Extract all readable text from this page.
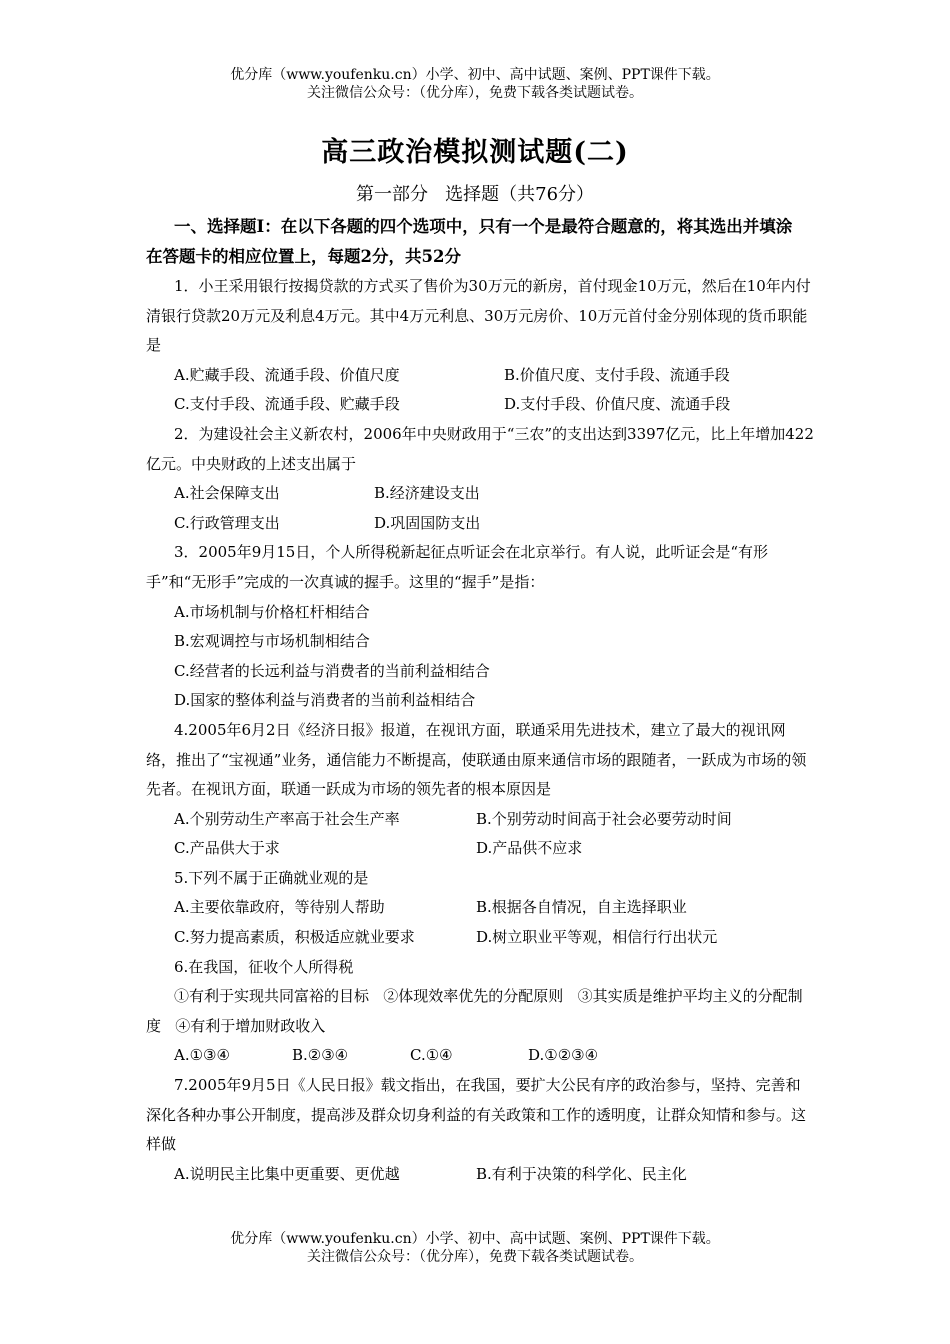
优分库（www.youfenku.cn）小学、初中、高中试题、案例、PPT课件下载。
关注微信公众号：（优分库），免费下载各类试题试卷。
高三政治模拟测试题(二)
第一部分   选择题（共76分）
一、选择题I：在以下各题的四个选项中，只有一个是最符合题意的，将其选出并填涂在答题卡的相应位置上，每题2分，共52分

1．小王采用银行按揭贷款的方式买了售价为30万元的新房，首付现金10万元，然后在10年内付清银行贷款20万元及利息4万元。其中4万元利息、30万元房价、10万元首付金分别体现的货币职能是

A.贮藏手段、流通手段、价值尺度	B.价值尺度、支付手段、流通手段
C.支付手段、流通手段、贮藏手段	D.支付手段、价值尺度、流通手段

2．为建设社会主义新农村，2006年中央财政用于“三农”的支出达到3397亿元，比上年增加422亿元。中央财政的上述支出属于

A.社会保障支出	B.经济建设支出
C.行政管理支出	D.巩固国防支出

3．2005年9月15日，个人所得税新起征点听证会在北京举行。有人说，此听证会是“有形手”和“无形手”完成的一次真诚的握手。这里的“握手”是指：

A.市场机制与价格杠杆相结合
B.宏观调控与市场机制相结合
C.经营者的长远利益与消费者的当前利益相结合
D.国家的整体利益与消费者的当前利益相结合

4.2005年6月2日《经济日报》报道，在视讯方面，联通采用先进技术，建立了最大的视讯网络，推出了“宝视通”业务，通信能力不断提高，使联通由原来通信市场的跟随者，一跃成为市场的领先者。在视讯方面，联通一跃成为市场的领先者的根本原因是

A.个别劳动生产率高于社会生产率	B.个别劳动时间高于社会必要劳动时间
C.产品供大于求	D.产品供不应求

5.下列不属于正确就业观的是

A.主要依靠政府，等待别人帮助	B.根据各自情况，自主选择职业
C.努力提高素质，积极适应就业要求	D.树立职业平等观，相信行行出状元

6.在我国，征收个人所得税

①有利于实现共同富裕的目标   ②体现效率优先的分配原则   ③其实质是维护平均主义的分配制度   ④有利于增加财政收入

A.①③④	B.②③④	C.①④	D.①②③④

7.2005年9月5日《人民日报》载文指出，在我国，要扩大公民有序的政治参与，坚持、完善和深化各种办事公开制度，提高涉及群众切身利益的有关政策和工作的透明度，让群众知情和参与。这样做

A.说明民主比集中更重要、更优越	B.有利于决策的科学化、民主化
优分库（www.youfenku.cn）小学、初中、高中试题、案例、PPT课件下载。
关注微信公众号：（优分库），免费下载各类试题试卷。
